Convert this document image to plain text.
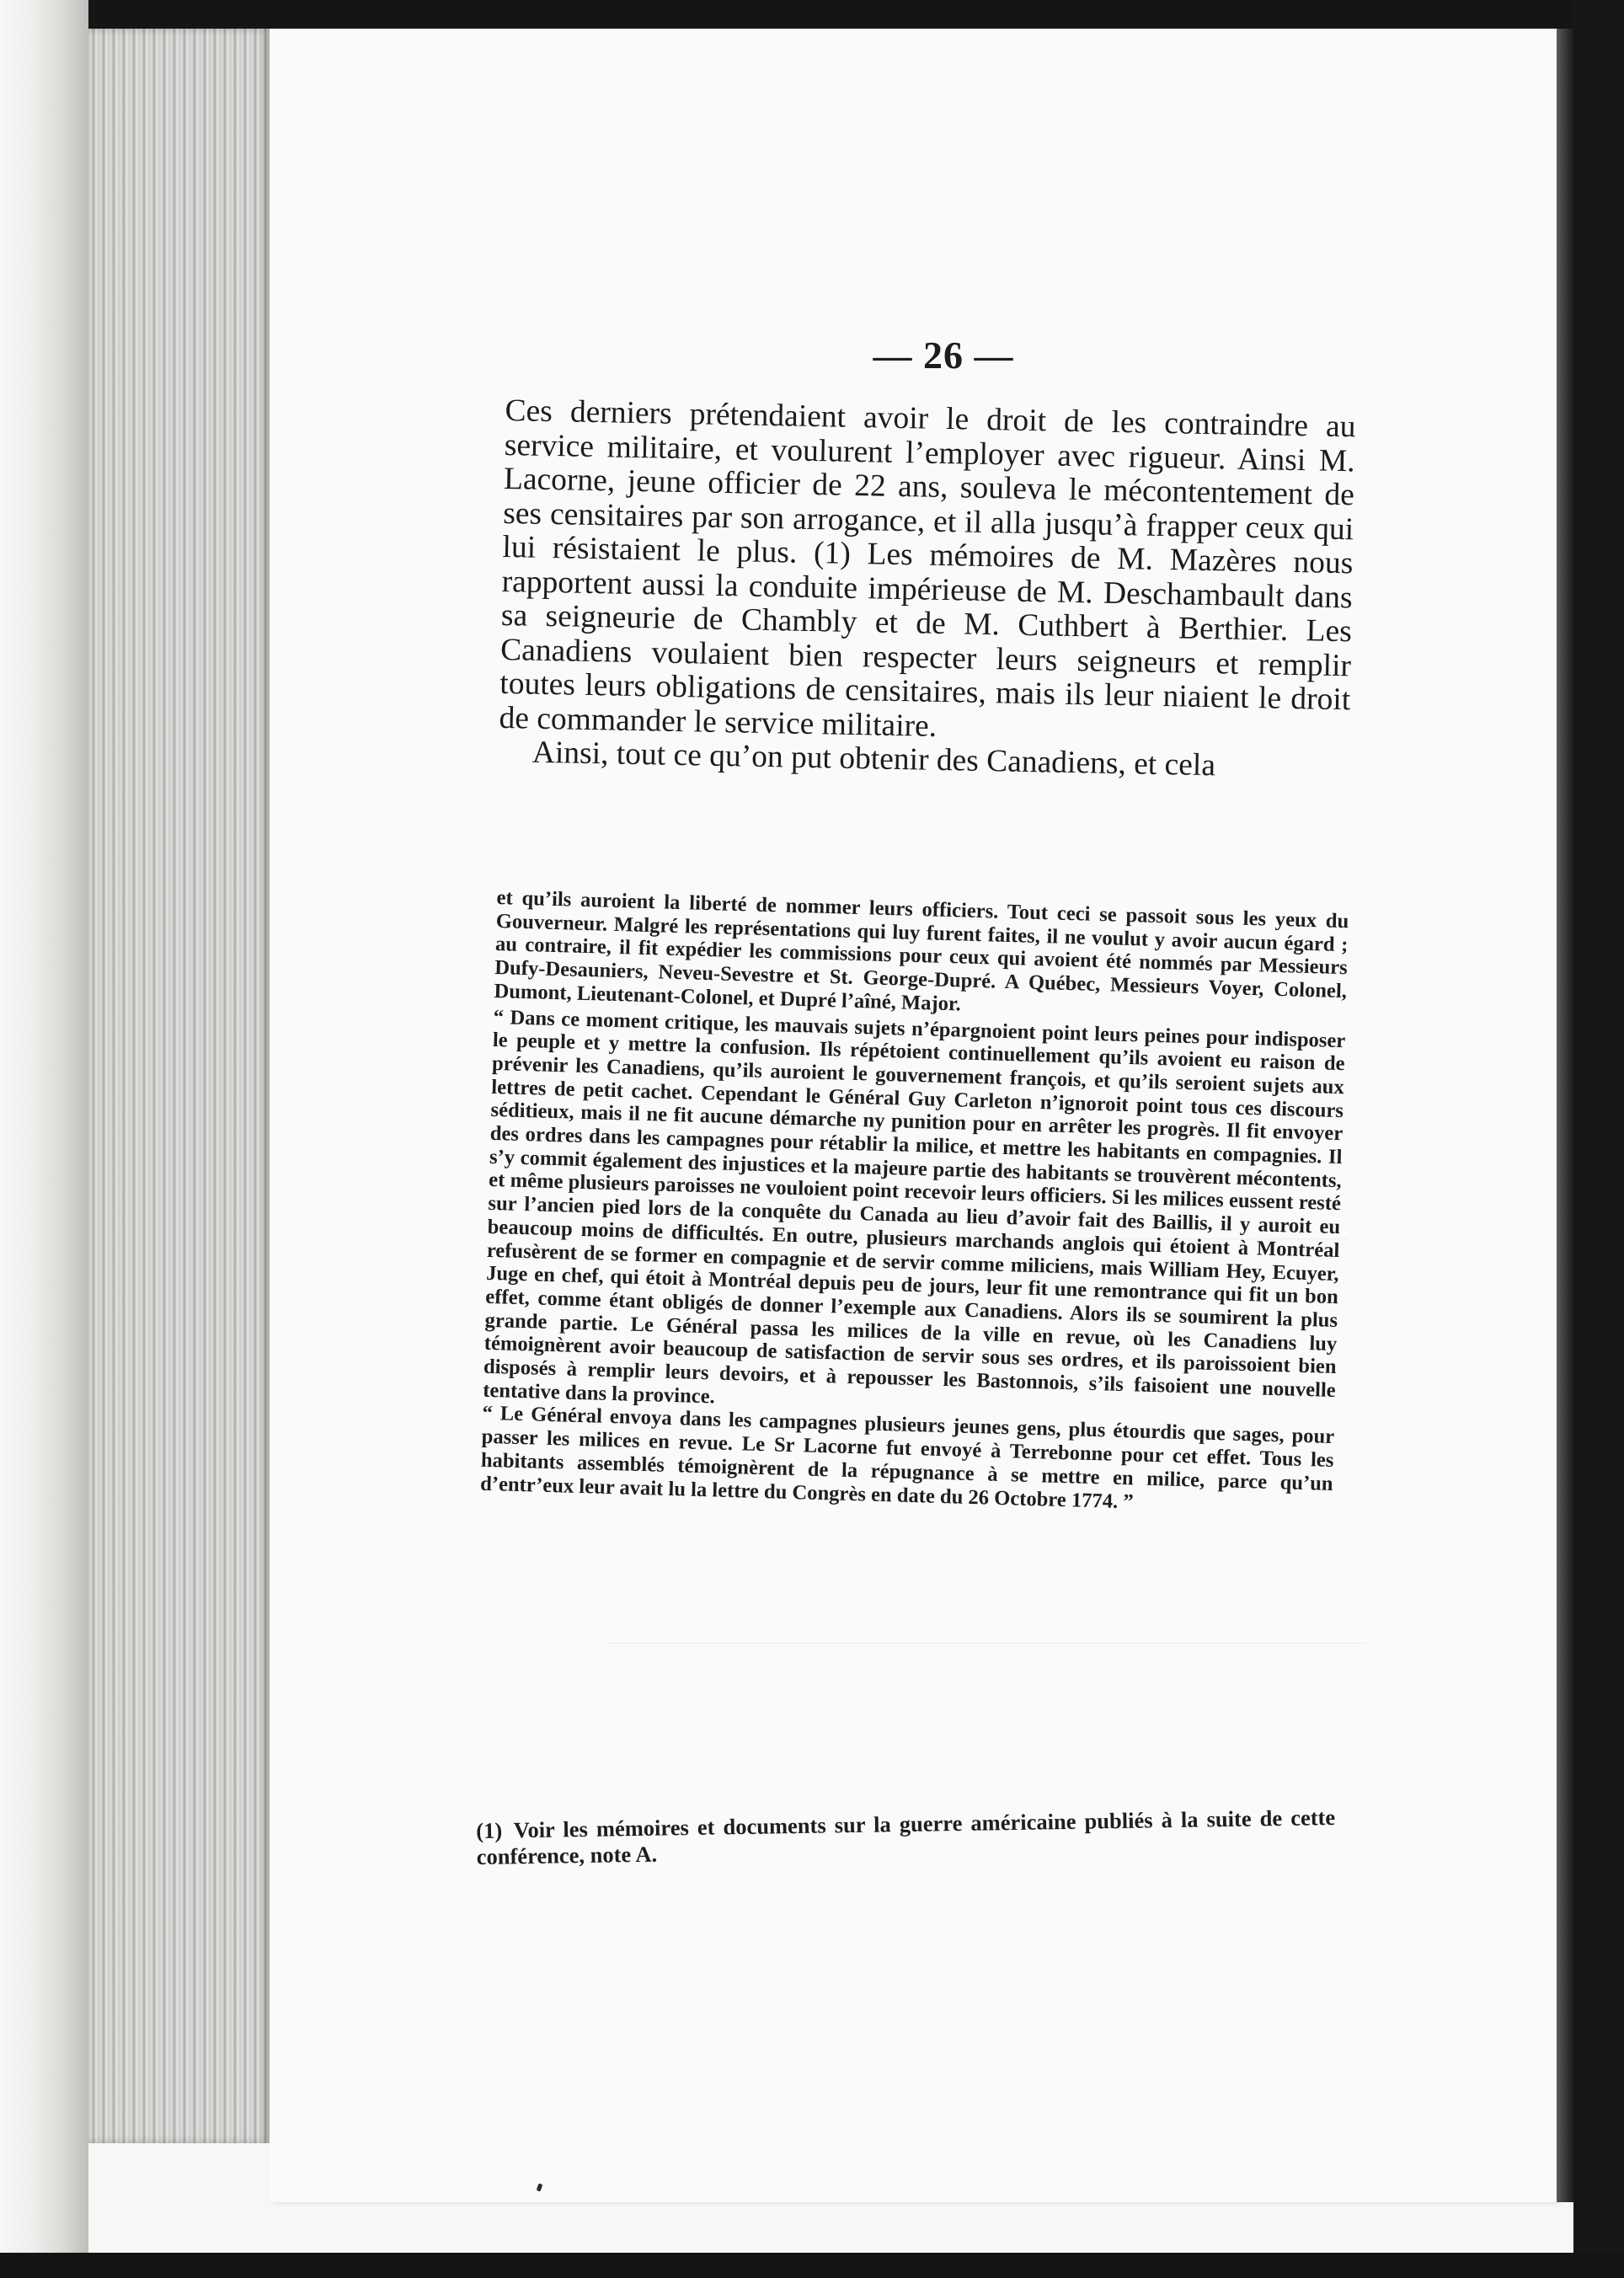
— 26 —

Ces derniers prétendaient avoir le droit de les contraindre au service militaire, et voulurent l’employer avec rigueur. Ainsi M. Lacorne, jeune officier de 22 ans, souleva le mécontentement de ses censitaires par son arrogance, et il alla jusqu’à frapper ceux qui lui résistaient le plus. (1) Les mémoires de M. Mazères nous rapportent aussi la conduite impérieuse de M. Deschambault dans sa seigneurie de Chambly et de M. Cuthbert à Berthier. Les Canadiens voulaient bien respecter leurs seigneurs et remplir toutes leurs obligations de censitaires, mais ils leur niaient le droit de commander le service militaire.

Ainsi, tout ce qu’on put obtenir des Canadiens, et cela

et qu’ils auroient la liberté de nommer leurs officiers. Tout ceci se passoit sous les yeux du Gouverneur. Malgré les représentations qui luy furent faites, il ne voulut y avoir aucun égard ; au contraire, il fit expédier les commissions pour ceux qui avoient été nommés par Messieurs Dufy-Desauniers, Neveu-Sevestre et St. George-Dupré. A Québec, Messieurs Voyer, Colonel, Dumont, Lieutenant-Colonel, et Dupré l’aîné, Major.

“ Dans ce moment critique, les mauvais sujets n’épargnoient point leurs peines pour indisposer le peuple et y mettre la confusion. Ils répétoient continuellement qu’ils avoient eu raison de prévenir les Canadiens, qu’ils auroient le gouvernement françois, et qu’ils seroient sujets aux lettres de petit cachet. Cependant le Général Guy Carleton n’ignoroit point tous ces discours séditieux, mais il ne fit aucune démarche ny punition pour en arrêter les progrès. Il fit envoyer des ordres dans les campagnes pour rétablir la milice, et mettre les habitants en compagnies. Il s’y commit également des injustices et la majeure partie des habitants se trouvèrent mécontents, et même plusieurs paroisses ne vouloient point recevoir leurs officiers. Si les milices eussent resté sur l’ancien pied lors de la conquête du Canada au lieu d’avoir fait des Baillis, il y auroit eu beaucoup moins de difficultés. En outre, plusieurs marchands anglois qui étoient à Montréal refusèrent de se former en compagnie et de servir comme miliciens, mais William Hey, Ecuyer, Juge en chef, qui étoit à Montréal depuis peu de jours, leur fit une remontrance qui fit un bon effet, comme étant obligés de donner l’exemple aux Canadiens. Alors ils se soumirent la plus grande partie. Le Général passa les milices de la ville en revue, où les Canadiens luy témoignèrent avoir beaucoup de satisfaction de servir sous ses ordres, et ils paroissoient bien disposés à remplir leurs devoirs, et à repousser les Bastonnois, s’ils faisoient une nouvelle tentative dans la province.

“ Le Général envoya dans les campagnes plusieurs jeunes gens, plus étourdis que sages, pour passer les milices en revue. Le Sr Lacorne fut envoyé à Terrebonne pour cet effet. Tous les habitants assemblés témoignèrent de la répugnance à se mettre en milice, parce qu’un d’entr’eux leur avait lu la lettre du Congrès en date du 26 Octobre 1774. ”

(1) Voir les mémoires et documents sur la guerre américaine publiés à la suite de cette conférence, note A.
